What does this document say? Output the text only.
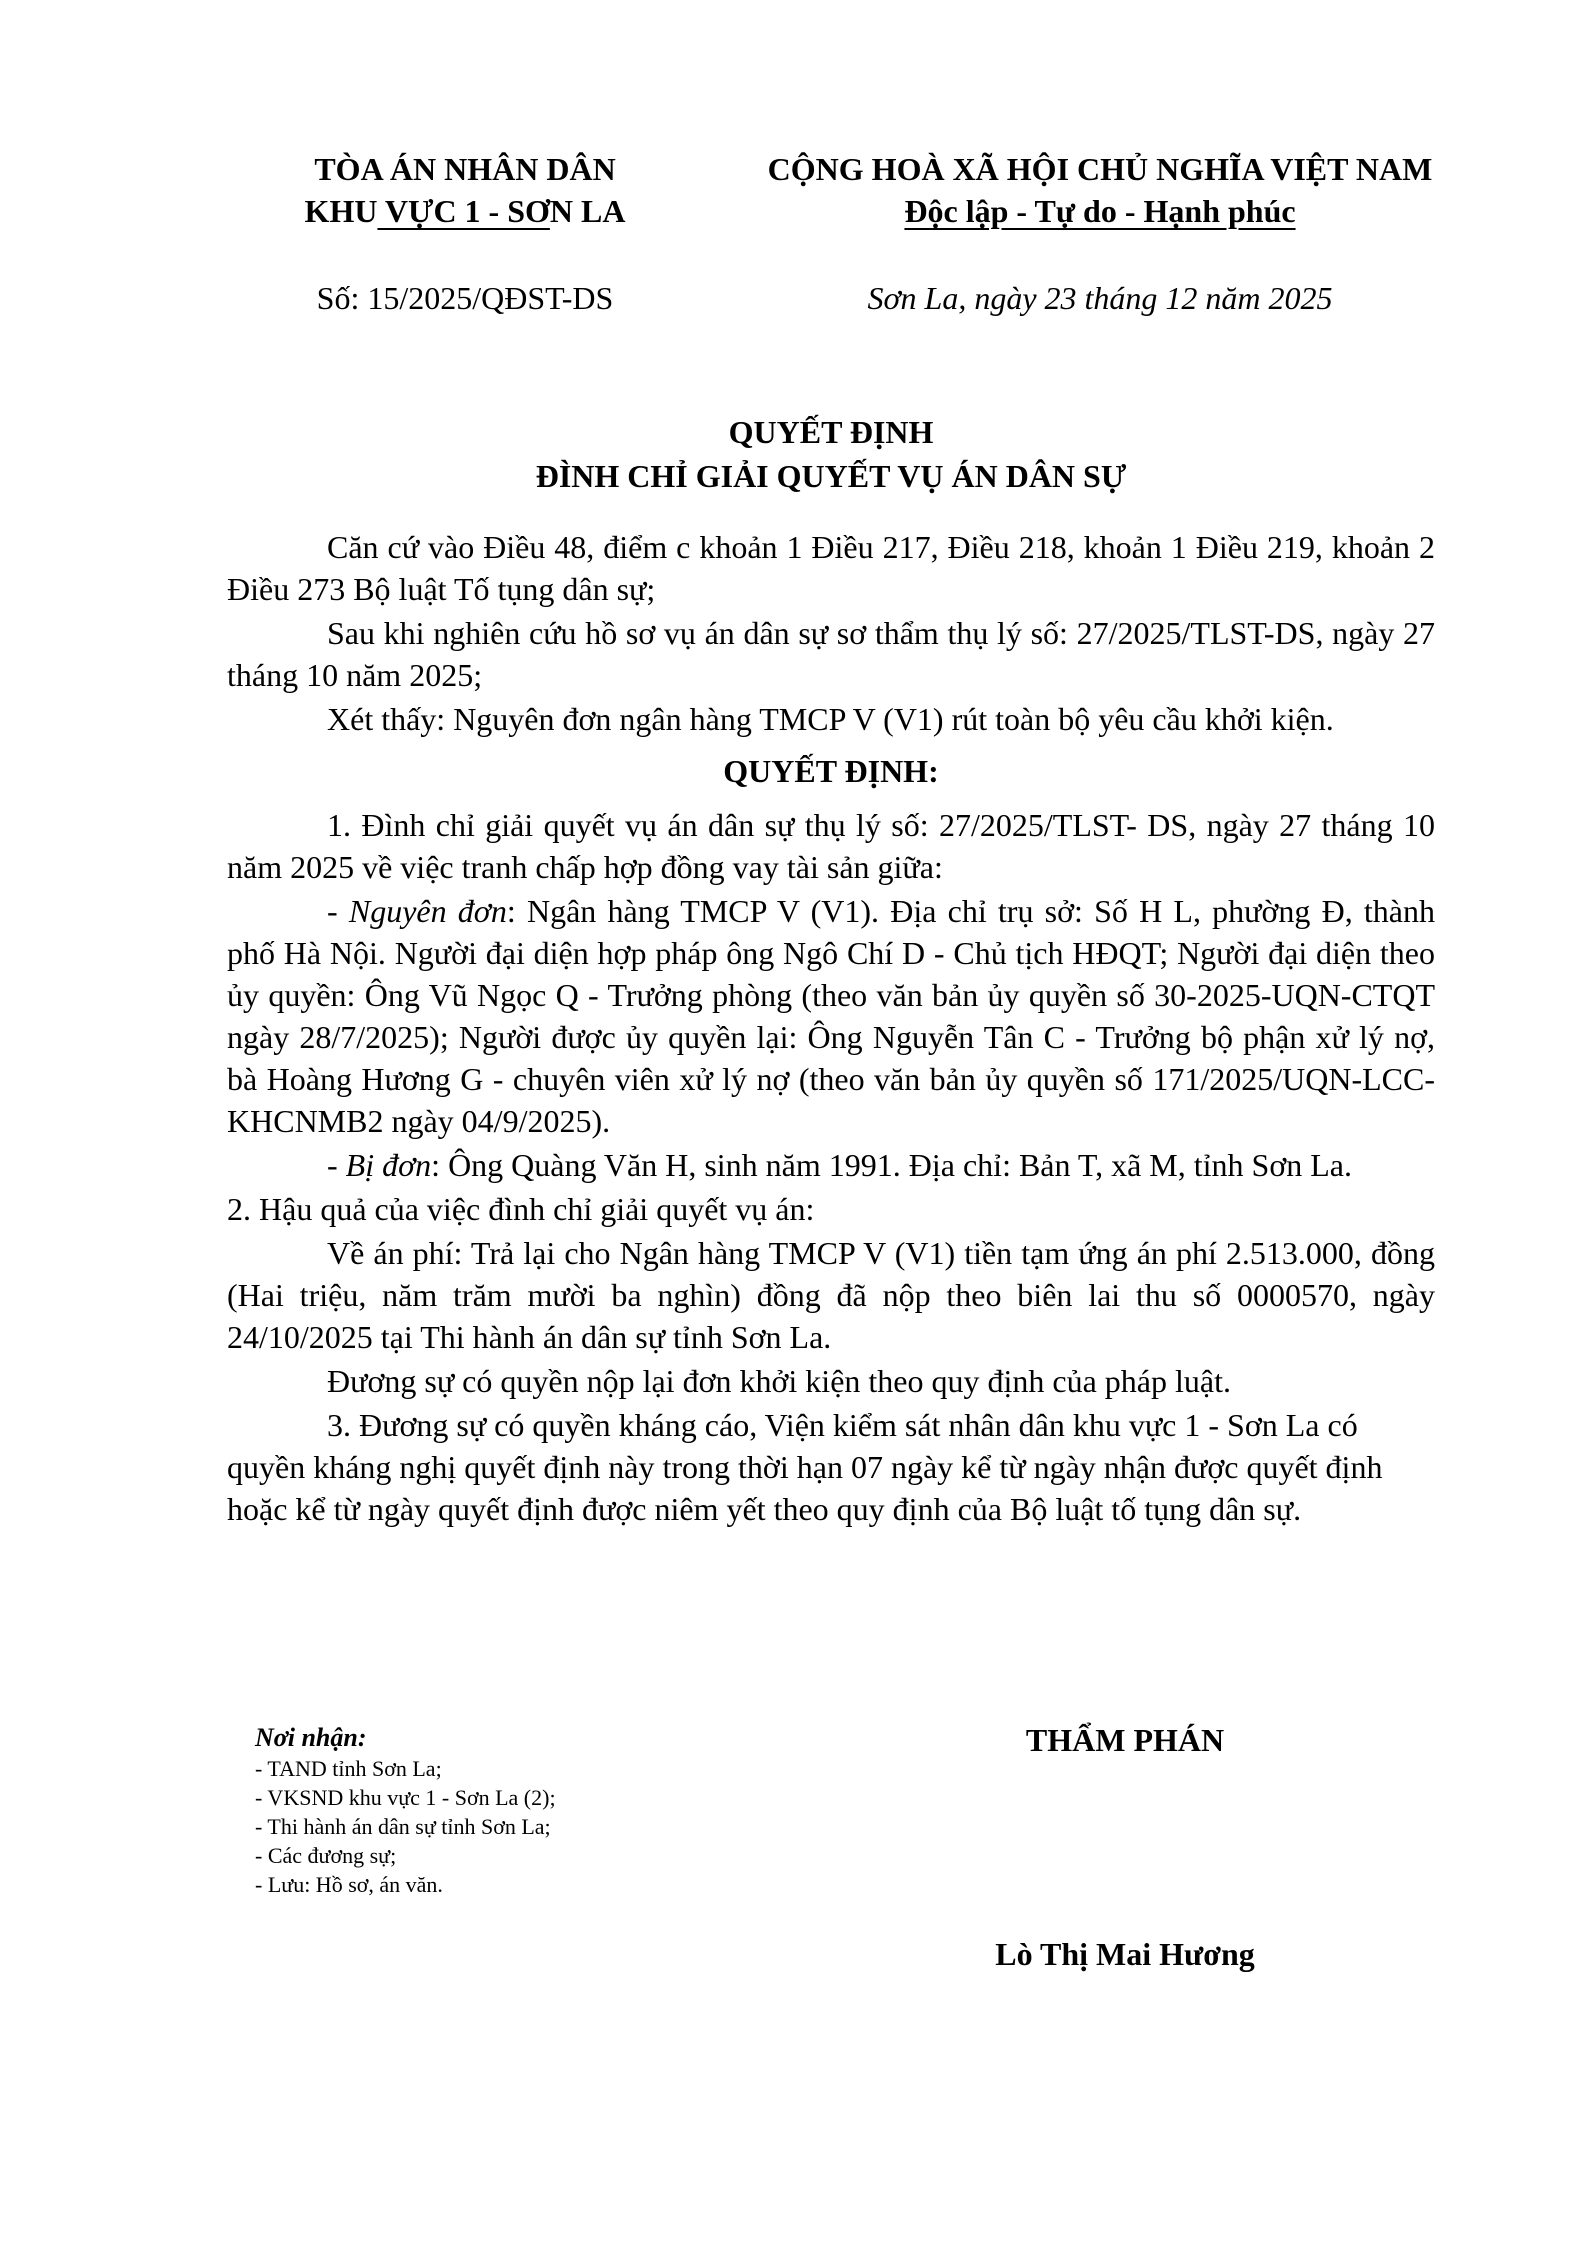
TÒA ÁN NHÂN DÂN
KHU VỰC 1 - SƠN LA
CỘNG HOÀ XÃ HỘI CHỦ NGHĨA VIỆT NAM
Độc lập - Tự do - Hạnh phúc
Số: 15/2025/QĐST-DS	Sơn La, ngày 23 tháng 12 năm 2025
QUYẾT ĐỊNH
ĐÌNH CHỈ GIẢI QUYẾT VỤ ÁN DÂN SỰ

Căn cứ vào Điều 48, điểm c khoản 1 Điều 217, Điều 218, khoản 1 Điều 219, khoản 2 Điều 273 Bộ luật Tố tụng dân sự;

Sau khi nghiên cứu hồ sơ vụ án dân sự sơ thẩm thụ lý số: 27/2025/TLST-DS, ngày 27 tháng 10 năm 2025;

Xét thấy: Nguyên đơn ngân hàng TMCP V (V1) rút toàn bộ yêu cầu khởi kiện.

QUYẾT ĐỊNH:

1. Đình chỉ giải quyết vụ án dân sự thụ lý số: 27/2025/TLST- DS, ngày 27 tháng 10 năm 2025 về việc tranh chấp hợp đồng vay tài sản giữa:

- Nguyên đơn: Ngân hàng TMCP V (V1). Địa chỉ trụ sở: Số H L, phường Đ, thành phố Hà Nội. Người đại diện hợp pháp ông Ngô Chí D - Chủ tịch HĐQT; Người đại diện theo ủy quyền: Ông Vũ Ngọc Q - Trưởng phòng (theo văn bản ủy quyền số 30-2025-UQN-CTQT ngày 28/7/2025); Người được ủy quyền lại: Ông Nguyễn Tân C - Trưởng bộ phận xử lý nợ, bà Hoàng Hương G - chuyên viên xử lý nợ (theo văn bản ủy quyền số 171/2025/UQN-LCC-KHCNMB2 ngày 04/9/2025).

- Bị đơn: Ông Quàng Văn H, sinh năm 1991. Địa chỉ: Bản T, xã M, tỉnh Sơn La.

2. Hậu quả của việc đình chỉ giải quyết vụ án:

Về án phí: Trả lại cho Ngân hàng TMCP V (V1) tiền tạm ứng án phí 2.513.000, đồng (Hai triệu, năm trăm mười ba nghìn) đồng đã nộp theo biên lai thu số 0000570, ngày 24/10/2025 tại Thi hành án dân sự tỉnh Sơn La.

Đương sự có quyền nộp lại đơn khởi kiện theo quy định của pháp luật.

3. Đương sự có quyền kháng cáo, Viện kiểm sát nhân dân khu vực 1 - Sơn La có quyền kháng nghị quyết định này trong thời hạn 07 ngày kể từ ngày nhận được quyết định hoặc kể từ ngày quyết định được niêm yết theo quy định của Bộ luật tố tụng dân sự.

Nơi nhận:
- TAND tỉnh Sơn La;
- VKSND khu vực 1 - Sơn La (2);
- Thi hành án dân sự tỉnh Sơn La;
- Các đương sự;
- Lưu: Hồ sơ, án văn.
THẨM PHÁN
Lò Thị Mai Hương
